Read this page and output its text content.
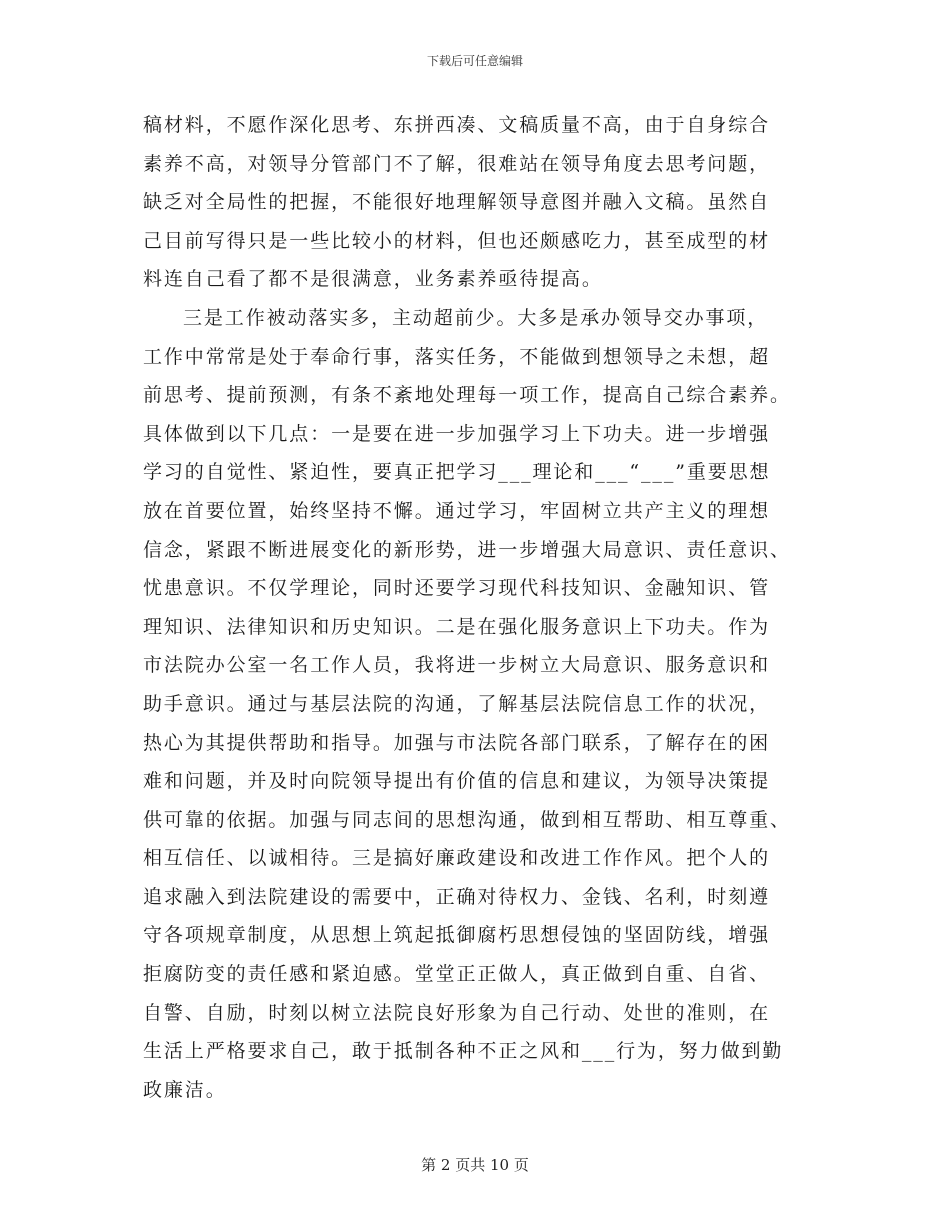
下载后可任意编辑
稿材料，不愿作深化思考、东拼西凑、文稿质量不高，由于自身综合
素养不高，对领导分管部门不了解，很难站在领导角度去思考问题，
缺乏对全局性的把握，不能很好地理解领导意图并融入文稿。虽然自
己目前写得只是一些比较小的材料，但也还颇感吃力，甚至成型的材
料连自己看了都不是很满意，业务素养亟待提高。
三是工作被动落实多，主动超前少。大多是承办领导交办事项，
工作中常常是处于奉命行事，落实任务，不能做到想领导之未想，超
前思考、提前预测，有条不紊地处理每一项工作，提高自己综合素养。
具体做到以下几点：一是要在进一步加强学习上下功夫。进一步增强
学习的自觉性、紧迫性，要真正把学习___理论和___“___”重要思想
放在首要位置，始终坚持不懈。通过学习，牢固树立共产主义的理想
信念，紧跟不断进展变化的新形势，进一步增强大局意识、责任意识、
忧患意识。不仅学理论，同时还要学习现代科技知识、金融知识、管
理知识、法律知识和历史知识。二是在强化服务意识上下功夫。作为
市法院办公室一名工作人员，我将进一步树立大局意识、服务意识和
助手意识。通过与基层法院的沟通，了解基层法院信息工作的状况，
热心为其提供帮助和指导。加强与市法院各部门联系，了解存在的困
难和问题，并及时向院领导提出有价值的信息和建议，为领导决策提
供可靠的依据。加强与同志间的思想沟通，做到相互帮助、相互尊重、
相互信任、以诚相待。三是搞好廉政建设和改进工作作风。把个人的
追求融入到法院建设的需要中，正确对待权力、金钱、名利，时刻遵
守各项规章制度，从思想上筑起抵御腐朽思想侵蚀的坚固防线，增强
拒腐防变的责任感和紧迫感。堂堂正正做人，真正做到自重、自省、
自警、自励，时刻以树立法院良好形象为自己行动、处世的准则，在
生活上严格要求自己，敢于抵制各种不正之风和___行为，努力做到勤
政廉洁。
第 2 页共 10 页
